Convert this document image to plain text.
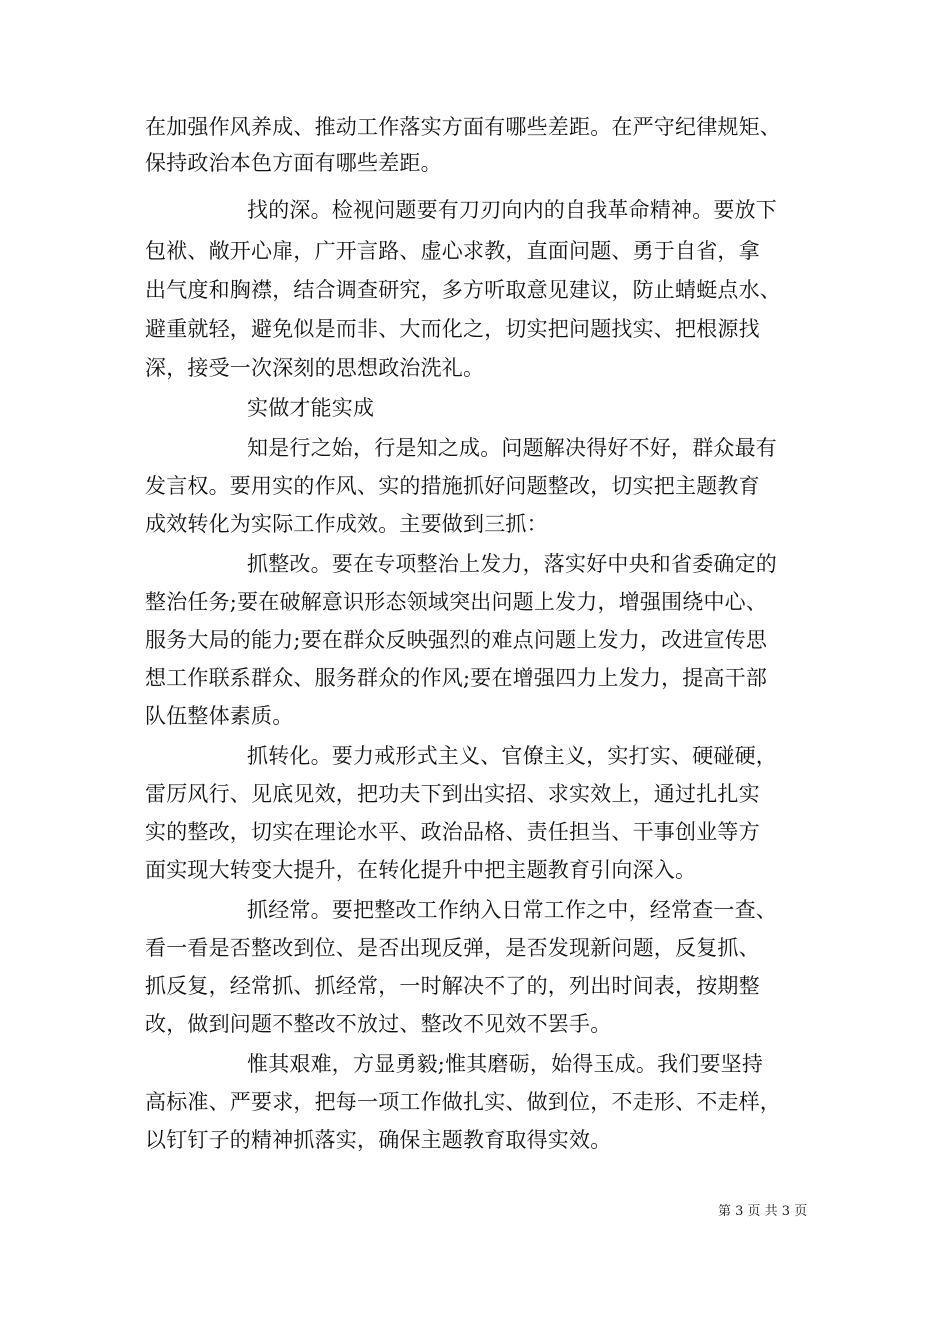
在加强作风养成、推动工作落实方面有哪些差距。在严守纪律规矩、
保持政治本色方面有哪些差距。
找的深。检视问题要有刀刃向内的自我革命精神。要放下
包袱、敞开心扉，广开言路、虚心求教，直面问题、勇于自省，拿
出气度和胸襟，结合调查研究，多方听取意见建议，防止蜻蜓点水、
避重就轻，避免似是而非、大而化之，切实把问题找实、把根源找
深，接受一次深刻的思想政治洗礼。
实做才能实成
知是行之始，行是知之成。问题解决得好不好，群众最有
发言权。要用实的作风、实的措施抓好问题整改，切实把主题教育
成效转化为实际工作成效。主要做到三抓：
抓整改。要在专项整治上发力，落实好中央和省委确定的
整治任务;要在破解意识形态领域突出问题上发力，增强围绕中心、
服务大局的能力;要在群众反映强烈的难点问题上发力，改进宣传思
想工作联系群众、服务群众的作风;要在增强四力上发力，提高干部
队伍整体素质。
抓转化。要力戒形式主义、官僚主义，实打实、硬碰硬，
雷厉风行、见底见效，把功夫下到出实招、求实效上，通过扎扎实
实的整改，切实在理论水平、政治品格、责任担当、干事创业等方
面实现大转变大提升，在转化提升中把主题教育引向深入。
抓经常。要把整改工作纳入日常工作之中，经常查一查、
看一看是否整改到位、是否出现反弹，是否发现新问题，反复抓、
抓反复，经常抓、抓经常，一时解决不了的，列出时间表，按期整
改，做到问题不整改不放过、整改不见效不罢手。
惟其艰难，方显勇毅;惟其磨砺，始得玉成。我们要坚持
高标准、严要求，把每一项工作做扎实、做到位，不走形、不走样，
以钉钉子的精神抓落实，确保主题教育取得实效。
第 3 页 共 3 页
